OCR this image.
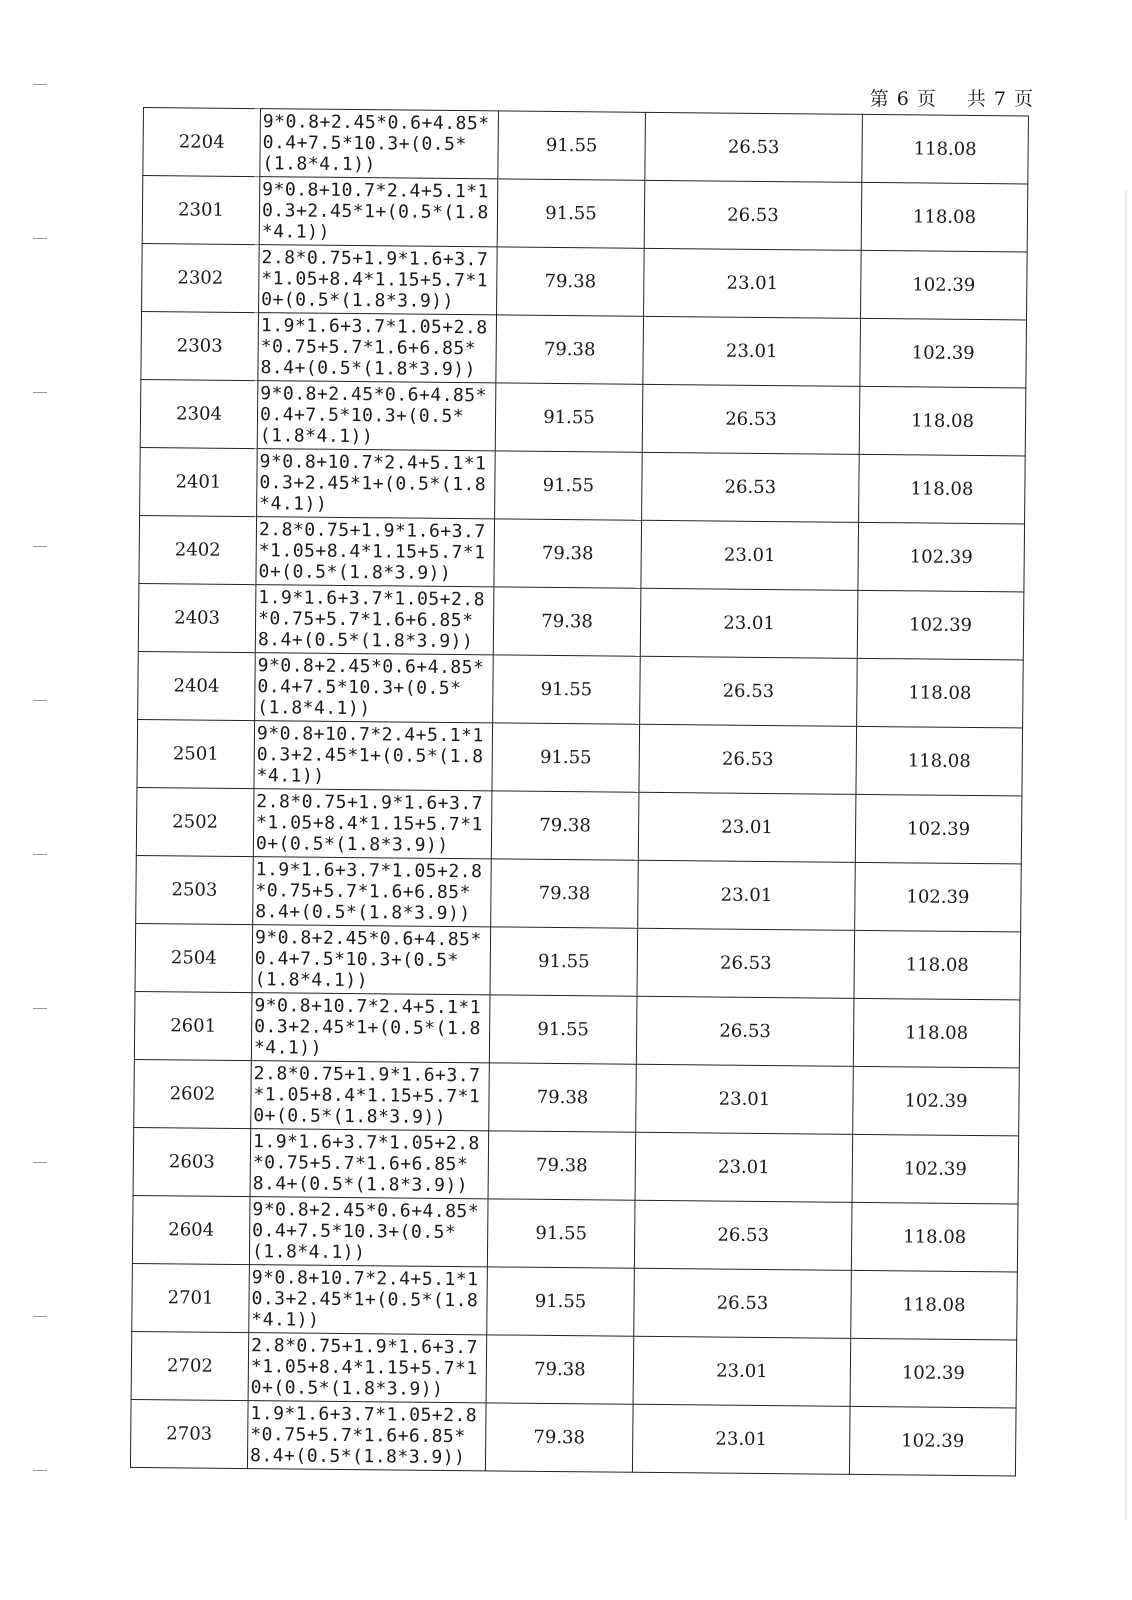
第 6 页 共 7 页
2204	9*0.8+2.45*0.6+4.85*0.4+7.5*10.3+(0.5*(1.8*4.1))	91.55	26.53	118.08
2301	9*0.8+10.7*2.4+5.1*10.3+2.45*1+(0.5*(1.8*4.1))	91.55	26.53	118.08
2302	2.8*0.75+1.9*1.6+3.7*1.05+8.4*1.15+5.7*10+(0.5*(1.8*3.9))	79.38	23.01	102.39
2303	1.9*1.6+3.7*1.05+2.8*0.75+5.7*1.6+6.85*8.4+(0.5*(1.8*3.9))	79.38	23.01	102.39
2304	9*0.8+2.45*0.6+4.85*0.4+7.5*10.3+(0.5*(1.8*4.1))	91.55	26.53	118.08
2401	9*0.8+10.7*2.4+5.1*10.3+2.45*1+(0.5*(1.8*4.1))	91.55	26.53	118.08
2402	2.8*0.75+1.9*1.6+3.7*1.05+8.4*1.15+5.7*10+(0.5*(1.8*3.9))	79.38	23.01	102.39
2403	1.9*1.6+3.7*1.05+2.8*0.75+5.7*1.6+6.85*8.4+(0.5*(1.8*3.9))	79.38	23.01	102.39
2404	9*0.8+2.45*0.6+4.85*0.4+7.5*10.3+(0.5*(1.8*4.1))	91.55	26.53	118.08
2501	9*0.8+10.7*2.4+5.1*10.3+2.45*1+(0.5*(1.8*4.1))	91.55	26.53	118.08
2502	2.8*0.75+1.9*1.6+3.7*1.05+8.4*1.15+5.7*10+(0.5*(1.8*3.9))	79.38	23.01	102.39
2503	1.9*1.6+3.7*1.05+2.8*0.75+5.7*1.6+6.85*8.4+(0.5*(1.8*3.9))	79.38	23.01	102.39
2504	9*0.8+2.45*0.6+4.85*0.4+7.5*10.3+(0.5*(1.8*4.1))	91.55	26.53	118.08
2601	9*0.8+10.7*2.4+5.1*10.3+2.45*1+(0.5*(1.8*4.1))	91.55	26.53	118.08
2602	2.8*0.75+1.9*1.6+3.7*1.05+8.4*1.15+5.7*10+(0.5*(1.8*3.9))	79.38	23.01	102.39
2603	1.9*1.6+3.7*1.05+2.8*0.75+5.7*1.6+6.85*8.4+(0.5*(1.8*3.9))	79.38	23.01	102.39
2604	9*0.8+2.45*0.6+4.85*0.4+7.5*10.3+(0.5*(1.8*4.1))	91.55	26.53	118.08
2701	9*0.8+10.7*2.4+5.1*10.3+2.45*1+(0.5*(1.8*4.1))	91.55	26.53	118.08
2702	2.8*0.75+1.9*1.6+3.7*1.05+8.4*1.15+5.7*10+(0.5*(1.8*3.9))	79.38	23.01	102.39
2703	1.9*1.6+3.7*1.05+2.8*0.75+5.7*1.6+6.85*8.4+(0.5*(1.8*3.9))	79.38	23.01	102.39
